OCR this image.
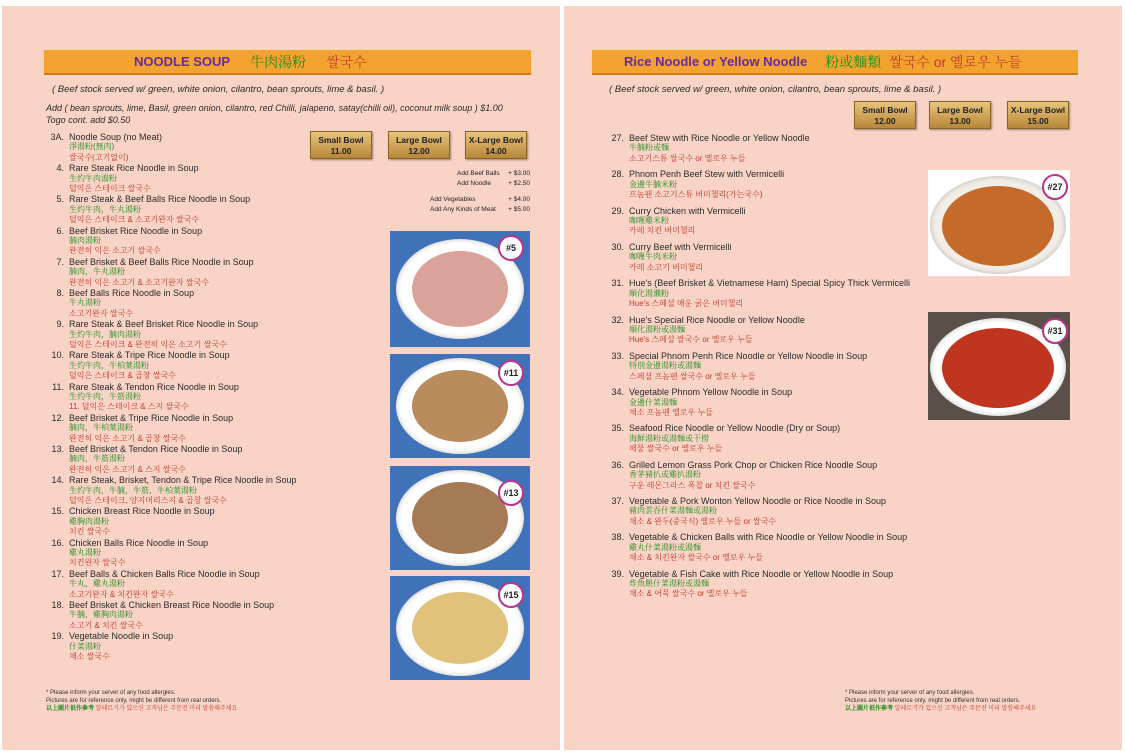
NOODLE SOUP 牛肉湯粉 쌀국수
( Beef stock served w/ green, white onion, cilantro, bean sprouts, lime & basil. )
Add ( bean sprouts, lime, Basil, green onion, cilantro, red Chilli, jalapeno, satay(chilli oil), coconut milk soup ) $1.00
Togo cont. add $0.50
Small Bowl
11.00
Large Bowl
12.00
X-Large Bowl
14.00
Add Beef Balls + $3.00
Add Noodle	+ $2.50
Add Vegetables	+ $4.00
Add Any Kinds of Meat + $5.00
3A. Noodle Soup (no Meat)
淨湯粉(無肉)
쌀국수(고기없이)
4. Rare Steak Rice Noodle in Soup
生灼牛肉湯粉
덜익은 스테이크 쌀국수
5. Rare Steak & Beef Balls Rice Noodle in Soup
生灼牛肉，牛丸湯粉
덜익은 스테이크 & 소고기완자 쌀국수
6. Beef Brisket Rice Noodle in Soup
腩肉湯粉
완전히 익은 소고기 쌀국수
7. Beef Brisket & Beef Balls Rice Noodle in Soup
腩肉，牛丸湯粉
완전히 익은 소고기 & 소고기완자 쌀국수
8. Beef Balls Rice Noodle in Soup
牛丸湯粉
소고기완자 쌀국수
9. Rare Steak & Beef Brisket Rice Noodle in Soup
生灼牛肉，腩肉湯粉
덜익은 스테이크 & 완전히 익은 소고기 쌀국수
10. Rare Steak & Tripe Rice Noodle in Soup
生灼牛肉，牛柏葉湯粉
덜익은 스테이크 & 곱창 쌀국수
11. Rare Steak & Tendon Rice Noodle in Soup
生灼牛肉，牛筋湯粉
11. 덜익은 스테이크 & 스지 쌀국수
12. Beef Brisket & Tripe Rice Noodle in Soup
腩肉，牛柏葉湯粉
완전히 익은 소고기 & 곱창 쌀국수
13. Beef Brisket & Tendon Rice Noodle in Soup
腩肉，牛筋湯粉
완전히 익은 소고기 & 스지 쌀국수
14. Rare Steak, Brisket, Tendon & Tripe Rice Noodle in Soup
生灼牛肉，牛腩，牛筋，牛柏葉湯粉
덜익은 스테이크, 양지머리스지 & 곱창 쌀국수
15. Chicken Breast Rice Noodle in Soup
雞胸肉湯粉
치킨 쌀국수
16. Chicken Balls Rice Noodle in Soup
雞丸湯粉
치킨완자 쌀국수
17. Beef Balls & Chicken Balls Rice Noodle in Soup
牛丸，雞丸湯粉
소고기완자 & 치킨완자 쌀국수
18. Beef Brisket & Chicken Breast Rice Noodle in Soup
牛腩，雞胸肉湯粉
소고기 & 치킨 쌀국수
19. Vegetable Noodle in Soup
什菜湯粉
채소 쌀국수
#5
#11
#13
#15
* Please inform your server of any food allergies.
Pictures are for reference only, might be different from real orders.
以上圖片祇作參考 알레르기가 있으신 고객님은 주문전 미리 말씀해주세요
Rice Noodle or Yellow Noodle 粉或麵類 쌀국수 or 옐로우 누들
( Beef stock served w/ green, white onion, cilantro, bean sprouts, lime & basil. )
Small Bowl
12.00
Large Bowl
13.00
X-Large Bowl
15.00
27. Beef Stew with Rice Noodle or Yellow Noodle
牛腩粉或麵
소고기스튜 쌀국수 or 옐로우 누들
28. Phnom Penh Beef Stew with Vermicelli
金邊牛腩米粉
프놈펜 소고기스튜 버미첼리(가는국수)
29. Curry Chicken with Vermicelli
咖喱雞米粉
카레 치킨 버미첼리
30. Curry Beef with Vermicelli
咖喱牛肉米粉
카레 소고기 버미첼리
31. Hue's (Beef Brisket & Vietnamese Ham) Special Spicy Thick Vermicelli
順化湯瀨粉
Hue's 스페셜 매운 굵은 버미첼리
32. Hue's Special Rice Noodle or Yellow Noodle
順化湯粉或湯麵
Hue's 스페셜 쌀국수 or 옐로우 누들
33. Special Phnom Penh Rice Noodle or Yellow Noodle in Soup
特別金邊湯粉或湯麵
스페셜 프놈펜 쌀국수 or 옐로우 누들
34. Vegetable Phnom Yellow Noodle in Soup
金邊什菜湯麵
채소 프놈펜 옐로우 누들
35. Seafood Rice Noodle or Yellow Noodle (Dry or Soup)
海鮮湯粉或湯麵或干撈
해물 쌀국수 or 옐로우 누들
36. Grilled Lemon Grass Pork Chop or Chicken Rice Noodle Soup
香茅豬扒或雞扒湯粉
구운 레몬그라스 폭찹 or 치킨 쌀국수
37. Vegetable & Pork Wonton Yellow Noodle or Rice Noodle in Soup
豬肉雲吞什菜湯麵或湯粉
채소 & 완두(중국식) 옐로우 누들 or 쌀국수
38. Vegetable & Chicken Balls with Rice Noodle or Yellow Noodle in Soup
雞丸什菜湯粉或湯麵
채소 & 치킨완자 쌀국수 or 옐로우 누들
39. Vegetable & Fish Cake with Rice Noodle or Yellow Noodle in Soup
炸魚餅什菜湯粉或湯麵
채소 & 어묵 쌀국수 or 옐로우 누들
#27
#31
* Please inform your server of any food allergies.
Pictures are for reference only, might be different from real orders.
以上圖片祇作參考 알레르기가 있으신 고객님은 주문전 미리 말씀해주세요
